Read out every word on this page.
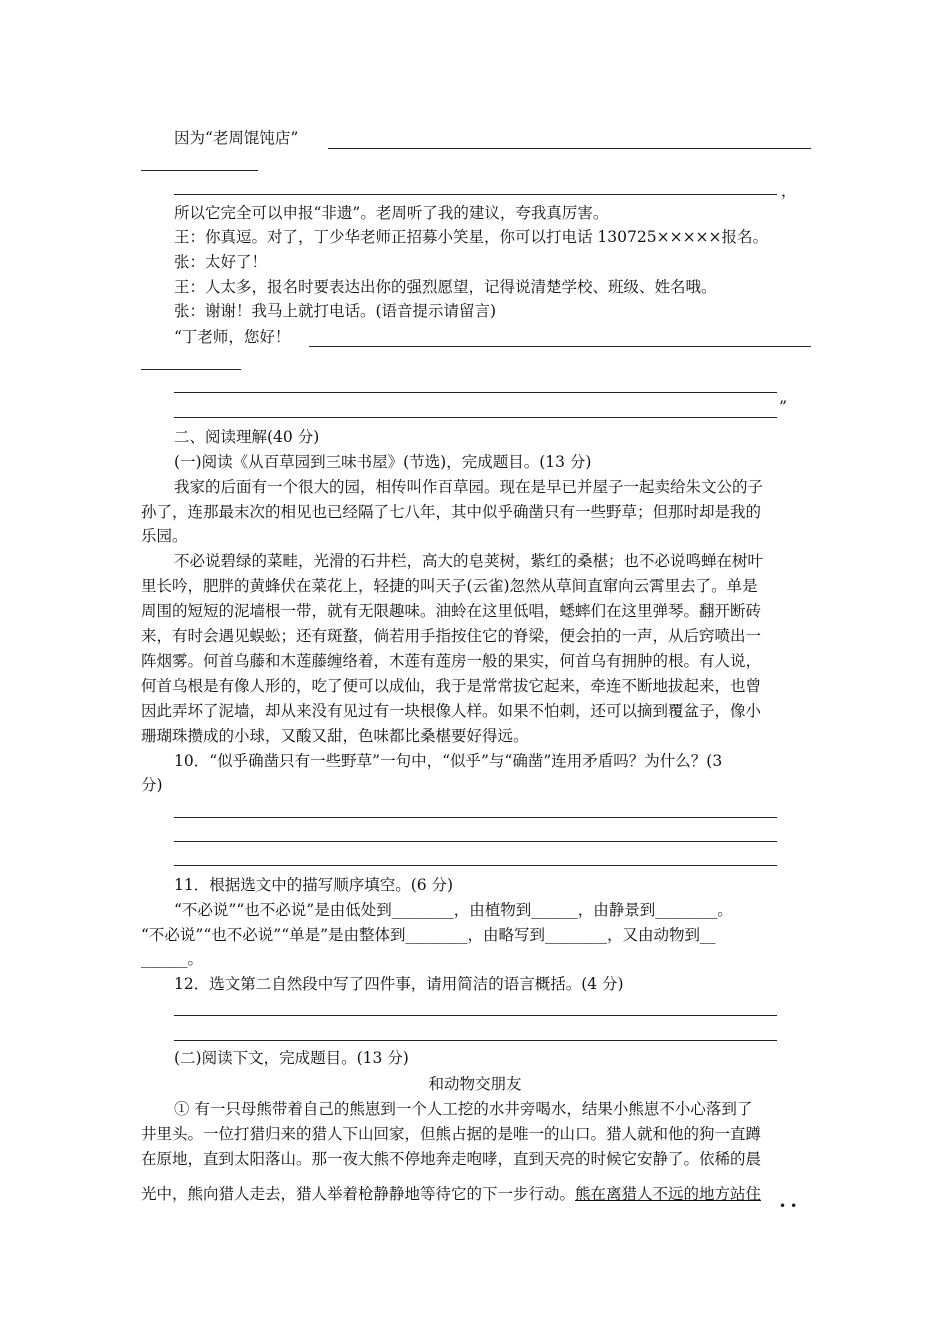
因为“老周馄饨店”
，
所以它完全可以申报“非遗”。老周听了我的建议，夸我真厉害。
王：你真逗。对了，丁少华老师正招募小笑星，你可以打电话 130725×××××报名。
张：太好了！
王：人太多，报名时要表达出你的强烈愿望，记得说清楚学校、班级、姓名哦。
张：谢谢！我马上就打电话。(语音提示请留言)
“丁老师，您好！
”
二、阅读理解(40 分)
(一)阅读《从百草园到三味书屋》(节选)，完成题目。(13 分)
我家的后面有一个很大的园，相传叫作百草园。现在是早已并屋子一起卖给朱文公的子
孙了，连那最末次的相见也已经隔了七八年，其中似乎确凿只有一些野草；但那时却是我的
乐园。
不必说碧绿的菜畦，光滑的石井栏，高大的皂荚树，紫红的桑椹；也不必说鸣蝉在树叶
里长吟，肥胖的黄蜂伏在菜花上，轻捷的叫天子(云雀)忽然从草间直窜向云霄里去了。单是
周围的短短的泥墙根一带，就有无限趣味。油蛉在这里低唱，蟋蟀们在这里弹琴。翻开断砖
来，有时会遇见蜈蚣；还有斑蝥，倘若用手指按住它的脊梁，便会拍的一声，从后窍喷出一
阵烟雾。何首乌藤和木莲藤缠络着，木莲有莲房一般的果实，何首乌有拥肿的根。有人说，
何首乌根是有像人形的，吃了便可以成仙，我于是常常拔它起来，牵连不断地拔起来，也曾
因此弄坏了泥墙，却从来没有见过有一块根像人样。如果不怕刺，还可以摘到覆盆子，像小
珊瑚珠攒成的小球，又酸又甜，色味都比桑椹要好得远。
10．“似乎确凿只有一些野草”一句中，“似乎”与“确凿”连用矛盾吗？为什么？(3
分)
11．根据选文中的描写顺序填空。(6 分)
“不必说”“也不必说”是由低处到________，由植物到______，由静景到________。
“不必说”“也不必说”“单是”是由整体到________，由略写到________，又由动物到__
______。
12．选文第二自然段中写了四件事，请用简洁的语言概括。(4 分)
(二)阅读下文，完成题目。(13 分)
和动物交朋友
① 有一只母熊带着自己的熊崽到一个人工挖的水井旁喝水，结果小熊崽不小心落到了
井里头。一位打猎归来的猎人下山回家，但熊占据的是唯一的山口。猎人就和他的狗一直蹲
在原地，直到太阳落山。那一夜大熊不停地奔走咆哮，直到天亮的时候它安静了。依稀的晨
光中，熊向猎人走去，猎人举着枪静静地等待它的下一步行动。熊在离猎人不远的地方站住
••
